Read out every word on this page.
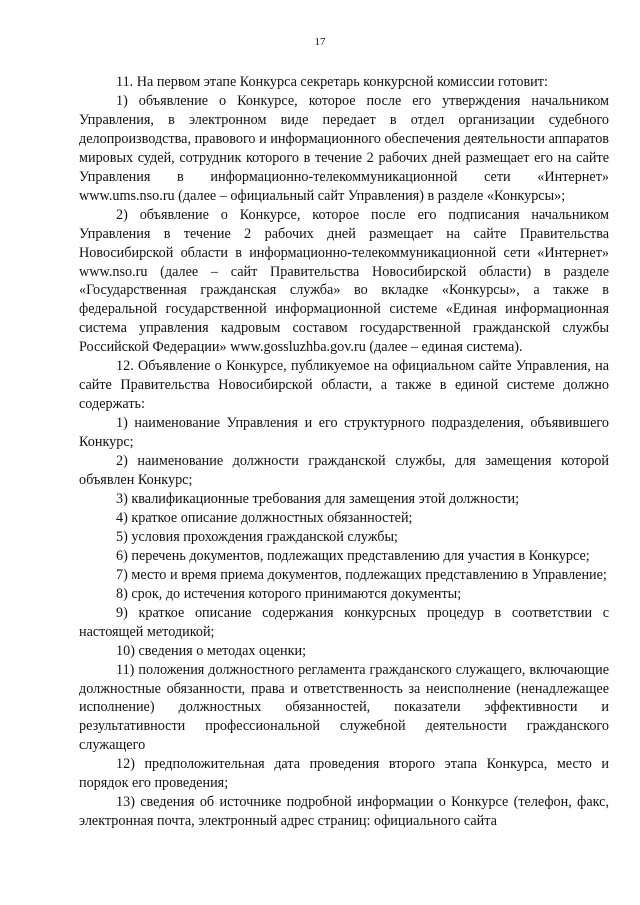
17

11. На первом этапе Конкурса секретарь конкурсной комиссии готовит:

1) объявление о Конкурсе, которое после его утверждения начальником Управления, в электронном виде передает в отдел организации судебного делопроизводства, правового и информационного обеспечения деятельности аппаратов мировых судей, сотрудник которого в течение 2 рабочих дней размещает его на сайте Управления в информационно-телекоммуникационной сети «Интернет» www.ums.nso.ru (далее – официальный сайт Управления) в разделе «Конкурсы»;

2) объявление о Конкурсе, которое после его подписания начальником Управления в течение 2 рабочих дней размещает на сайте Правительства Новосибирской области в информационно-телекоммуникационной сети «Интернет» www.nso.ru (далее – сайт Правительства Новосибирской области) в разделе «Государственная гражданская служба» во вкладке «Конкурсы», а также в федеральной государственной информационной системе «Единая информационная система управления кадровым составом государственной гражданской службы Российской Федерации» www.gossluzhba.gov.ru (далее – единая система).

12. Объявление о Конкурсе, публикуемое на официальном сайте Управления, на сайте Правительства Новосибирской области, а также в единой системе должно содержать:

1) наименование Управления и его структурного подразделения, объявившего Конкурс;

2) наименование должности гражданской службы, для замещения которой объявлен Конкурс;

3) квалификационные требования для замещения этой должности;

4) краткое описание должностных обязанностей;

5) условия прохождения гражданской службы;

6) перечень документов, подлежащих представлению для участия в Конкурсе;

7) место и время приема документов, подлежащих представлению в Управление;

8) срок, до истечения которого принимаются документы;

9) краткое описание содержания конкурсных процедур в соответствии с настоящей методикой;

10) сведения о методах оценки;

11) положения должностного регламента гражданского служащего, включающие должностные обязанности, права и ответственность за неисполнение (ненадлежащее исполнение) должностных обязанностей, показатели эффективности и результативности профессиональной служебной деятельности гражданского служащего

12) предположительная дата проведения второго этапа Конкурса, место и порядок его проведения;

13) сведения об источнике подробной информации о Конкурсе (телефон, факс, электронная почта, электронный адрес страниц: официального сайта
